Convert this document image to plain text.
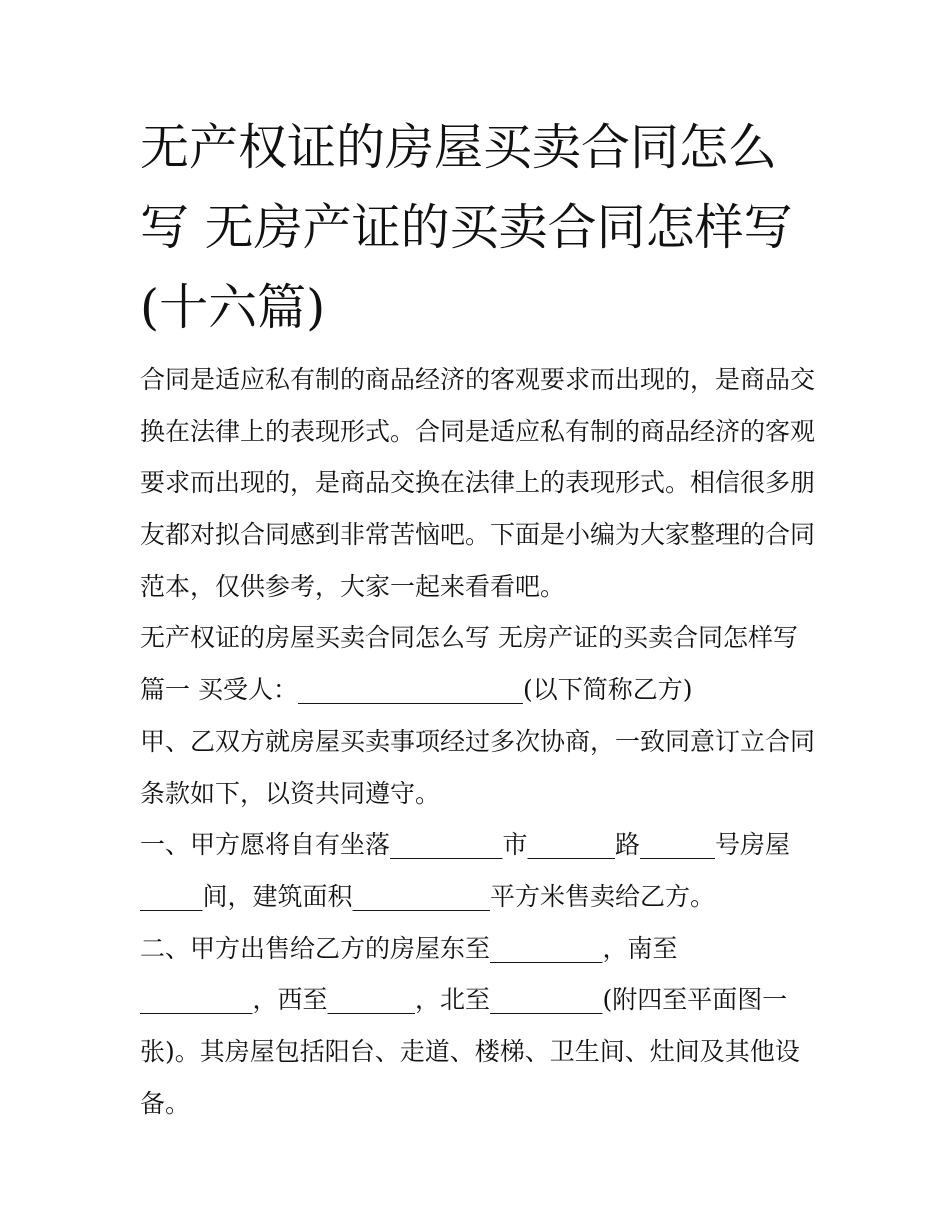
无产权证的房屋买卖合同怎么
写 无房产证的买卖合同怎样写
(十六篇)
合同是适应私有制的商品经济的客观要求而出现的，是商品交
换在法律上的表现形式。合同是适应私有制的商品经济的客观
要求而出现的，是商品交换在法律上的表现形式。相信很多朋
友都对拟合同感到非常苦恼吧。下面是小编为大家整理的合同
范本，仅供参考，大家一起来看看吧。
无产权证的房屋买卖合同怎么写 无房产证的买卖合同怎样写
篇一 买受人：__________________(以下简称乙方)
甲、乙双方就房屋买卖事项经过多次协商，一致同意订立合同
条款如下，以资共同遵守。
一、甲方愿将自有坐落_________市_______路______号房屋
_____间，建筑面积___________平方米售卖给乙方。
二、甲方出售给乙方的房屋东至_________，南至
_________，西至_______，北至_________(附四至平面图一
张)。其房屋包括阳台、走道、楼梯、卫生间、灶间及其他设
备。
